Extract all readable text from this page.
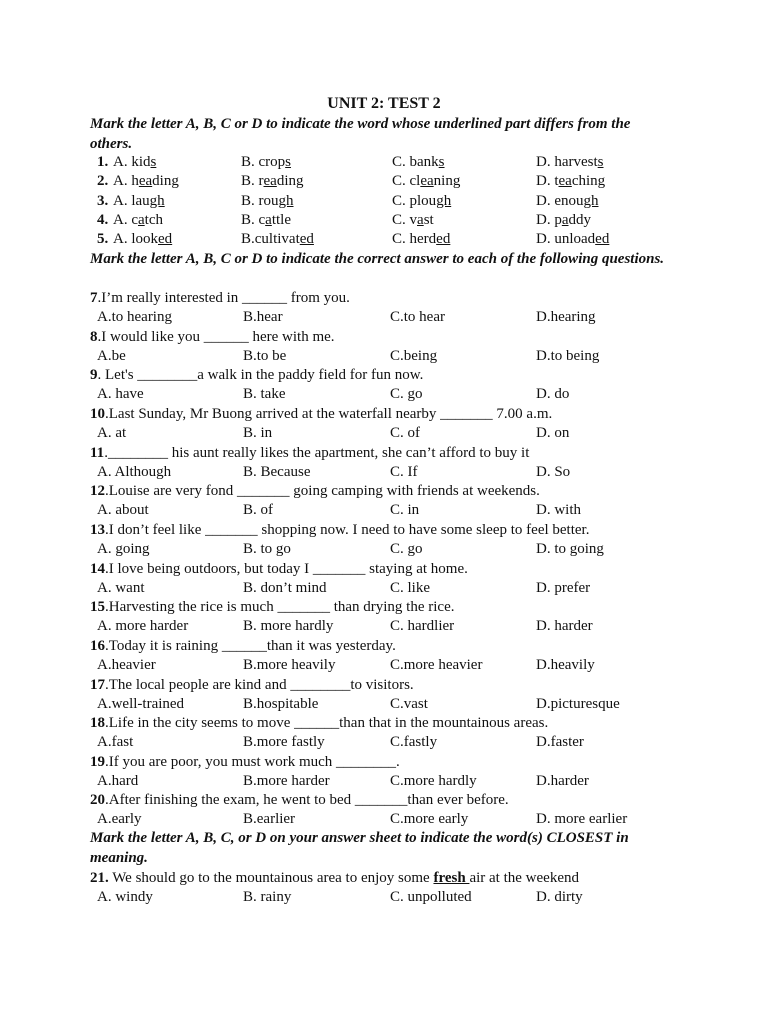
UNIT 2: TEST 2
Mark the letter A, B, C or D to indicate the word whose underlined part differs from the others.
1. A. kids	B. crops	C. banks	D. harvests
2. A. heading	B. reading	C. cleaning	D. teaching
3. A. laugh	B. rough	C. plough	D. enough
4. A. catch	B. cattle	C. vast	D. paddy
5. A. looked	B.cultivated	C. herded	D. unloaded
Mark the letter A, B, C or D to indicate the correct answer to each of the following questions.
7.I’m really interested in ______ from you.
A.to hearing	B.hear	C.to hear	D.hearing
8.I would like you ______ here with me.
A.be	B.to be	C.being	D.to being
9. Let's ________a walk in the paddy field for fun now.
A. have	B. take	C. go	D. do
10.Last Sunday, Mr Buong arrived at the waterfall nearby _______ 7.00 a.m.
A. at	B. in	C. of	D. on
11.________ his aunt really likes the apartment, she can’t afford to buy it
A. Although	B. Because	C. If	D. So
12.Louise are very fond _______ going camping with friends at weekends.
A. about	B. of	C. in	D. with
13.I don’t feel like _______ shopping now. I need to have some sleep to feel better.
A. going	B. to go	C. go	D. to going
14.I love being outdoors, but today I _______ staying at home.
A. want	B. don’t mind	C. like	D. prefer
15.Harvesting the rice is much _______ than drying the rice.
A. more harder	B. more hardly	C. hardlier	D. harder
16.Today it is raining ______than it was yesterday.
A.heavier	B.more heavily	C.more heavier	D.heavily
17.The local people are kind and ________to visitors.
A.well-trained	B.hospitable	C.vast	D.picturesque
18.Life in the city seems to move ______than that in the mountainous areas.
A.fast	B.more fastly	C.fastly	D.faster
19.If you are poor, you must work much ________.
A.hard	B.more harder	C.more hardly	D.harder
20.After finishing the exam, he went to bed _______than ever before.
A.early	B.earlier	C.more early	D. more earlier
Mark the letter A, B, C, or D on your answer sheet to indicate the word(s) CLOSEST in meaning.
21. We should go to the mountainous area to enjoy some fresh air at the weekend
A. windy	B. rainy	C. unpolluted	D. dirty
